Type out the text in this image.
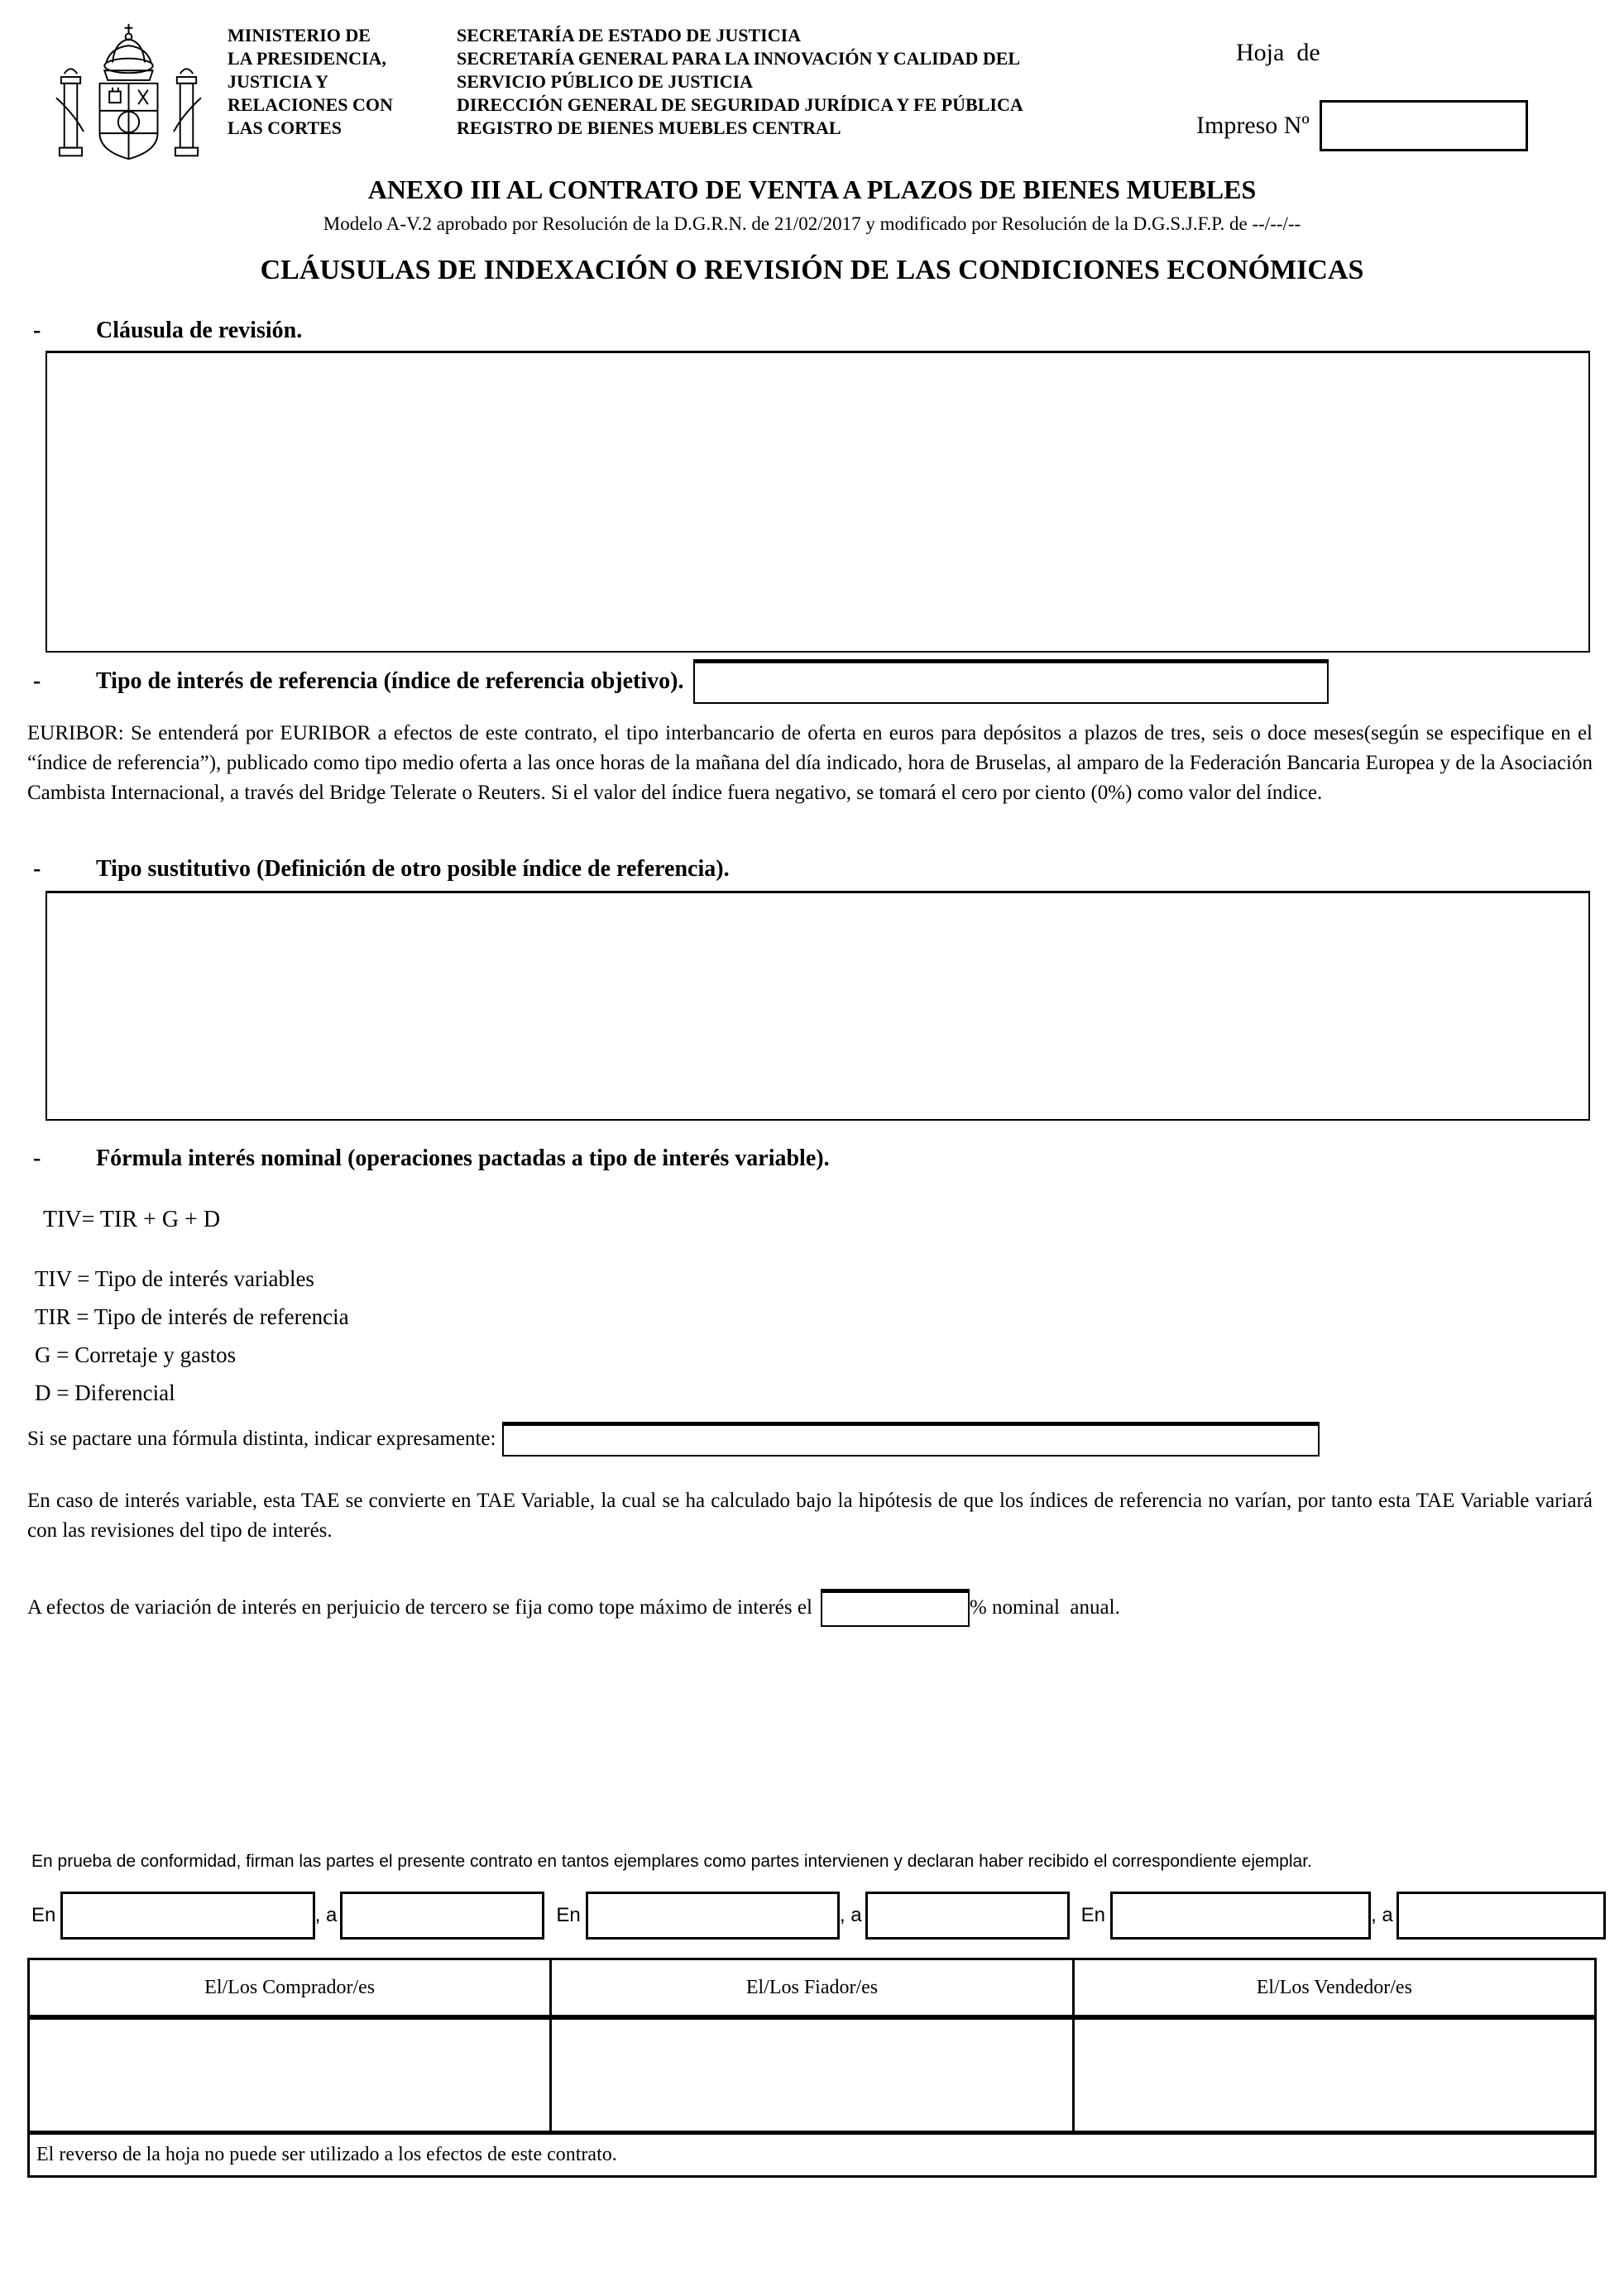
MINISTERIO DE
LA PRESIDENCIA,
JUSTICIA Y
RELACIONES CON
LAS CORTES
SECRETARÍA DE ESTADO DE JUSTICIA
SECRETARÍA GENERAL PARA LA INNOVACIÓN Y CALIDAD DEL
SERVICIO PÚBLICO DE JUSTICIA
DIRECCIÓN GENERAL DE SEGURIDAD JURÍDICA Y FE PÚBLICA
REGISTRO DE BIENES MUEBLES CENTRAL
Hoja  de
Impreso Nº
ANEXO III AL CONTRATO DE VENTA A PLAZOS DE BIENES MUEBLES
Modelo A-V.2 aprobado por Resolución de la D.G.R.N. de 21/02/2017 y modificado por Resolución de la D.G.S.J.F.P. de --/--/--
CLÁUSULAS DE INDEXACIÓN O REVISIÓN DE LAS CONDICIONES ECONÓMICAS
-	Cláusula de revisión.
-	Tipo de interés de referencia (índice de referencia objetivo).

EURIBOR: Se entenderá por EURIBOR a efectos de este contrato, el tipo interbancario de oferta en euros para depósitos a plazos de tres, seis o doce meses(según se especifique en el “índice de referencia”), publicado como tipo medio oferta a las once horas de la mañana del día indicado, hora de Bruselas, al amparo de la Federación Bancaria Europea y de la Asociación Cambista Internacional, a través del Bridge Telerate o Reuters. Si el valor del índice fuera negativo, se tomará el cero por ciento (0%) como valor del índice.

-	Tipo sustitutivo (Definición de otro posible índice de referencia).
-	Fórmula interés nominal (operaciones pactadas a tipo de interés variable).
TIV= TIR + G + D
TIV = Tipo de interés variables
TIR = Tipo de interés de referencia
G = Corretaje y gastos
D = Diferencial
Si se pactare una fórmula distinta, indicar expresamente:

En caso de interés variable, esta TAE se convierte en TAE Variable, la cual se ha calculado bajo la hipótesis de que los índices de referencia no varían, por tanto esta TAE Variable variará con las revisiones del tipo de interés.

A efectos de variación de interés en perjuicio de tercero se fija como tope máximo de interés el	% nominal  anual.
En prueba de conformidad, firman las partes el presente contrato en tantos ejemplares como partes intervienen y declaran haber recibido el correspondiente ejemplar.
En	, a	En	, a	En	, a
El/Los Comprador/es	El/Los Fiador/es	El/Los Vendedor/es
El reverso de la hoja no puede ser utilizado a los efectos de este contrato.
